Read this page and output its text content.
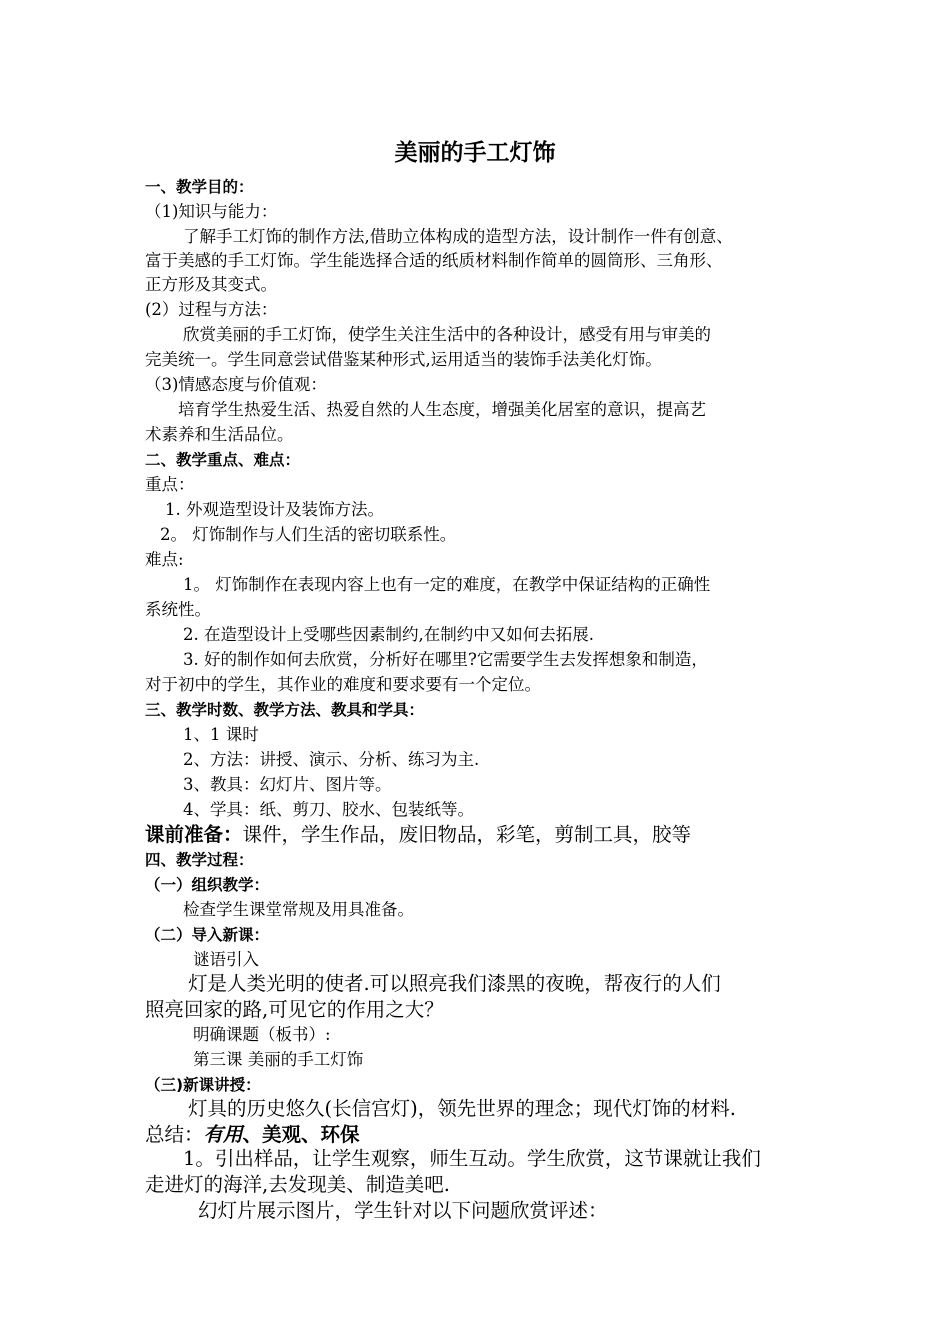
美丽的手工灯饰
一、教学目的：
（1)知识与能力：
了解手工灯饰的制作方法,借助立体构成的造型方法，设计制作一件有创意、
富于美感的手工灯饰。学生能选择合适的纸质材料制作简单的圆筒形、三角形、
正方形及其变式。
(2）过程与方法：
欣赏美丽的手工灯饰，使学生关注生活中的各种设计，感受有用与审美的
完美统一。学生同意尝试借鉴某种形式,运用适当的装饰手法美化灯饰。
（3)情感态度与价值观：
培育学生热爱生活、热爱自然的人生态度，增强美化居室的意识，提高艺
术素养和生活品位。
二、教学重点、难点：
重点：
1. 外观造型设计及装饰方法。
2。 灯饰制作与人们生活的密切联系性。
难点:
1。 灯饰制作在表现内容上也有一定的难度，在教学中保证结构的正确性
系统性。
2. 在造型设计上受哪些因素制约,在制约中又如何去拓展.
3. 好的制作如何去欣赏，分析好在哪里?它需要学生去发挥想象和制造，
对于初中的学生，其作业的难度和要求要有一个定位。
三、教学时数、教学方法、教具和学具：
1、1 课时
2、方法：讲授、演示、分析、练习为主.
3、教具：幻灯片、图片等。
4、学具：纸、剪刀、胶水、包装纸等。
课前准备：课件，学生作品，废旧物品，彩笔，剪制工具，胶等
四、教学过程：
（一）组织教学：
检查学生课堂常规及用具准备。
（二）导入新课：
谜语引入
灯是人类光明的使者.可以照亮我们漆黑的夜晚，帮夜行的人们
照亮回家的路,可见它的作用之大？
明确课题（板书）:
第三课 美丽的手工灯饰
（三)新课讲授：
灯具的历史悠久(长信宫灯)，领先世界的理念；现代灯饰的材料.
总结：有用、美观、环保
1。引出样品，让学生观察，师生互动。学生欣赏，这节课就让我们
走进灯的海洋,去发现美、制造美吧.
幻灯片展示图片，学生针对以下问题欣赏评述：
